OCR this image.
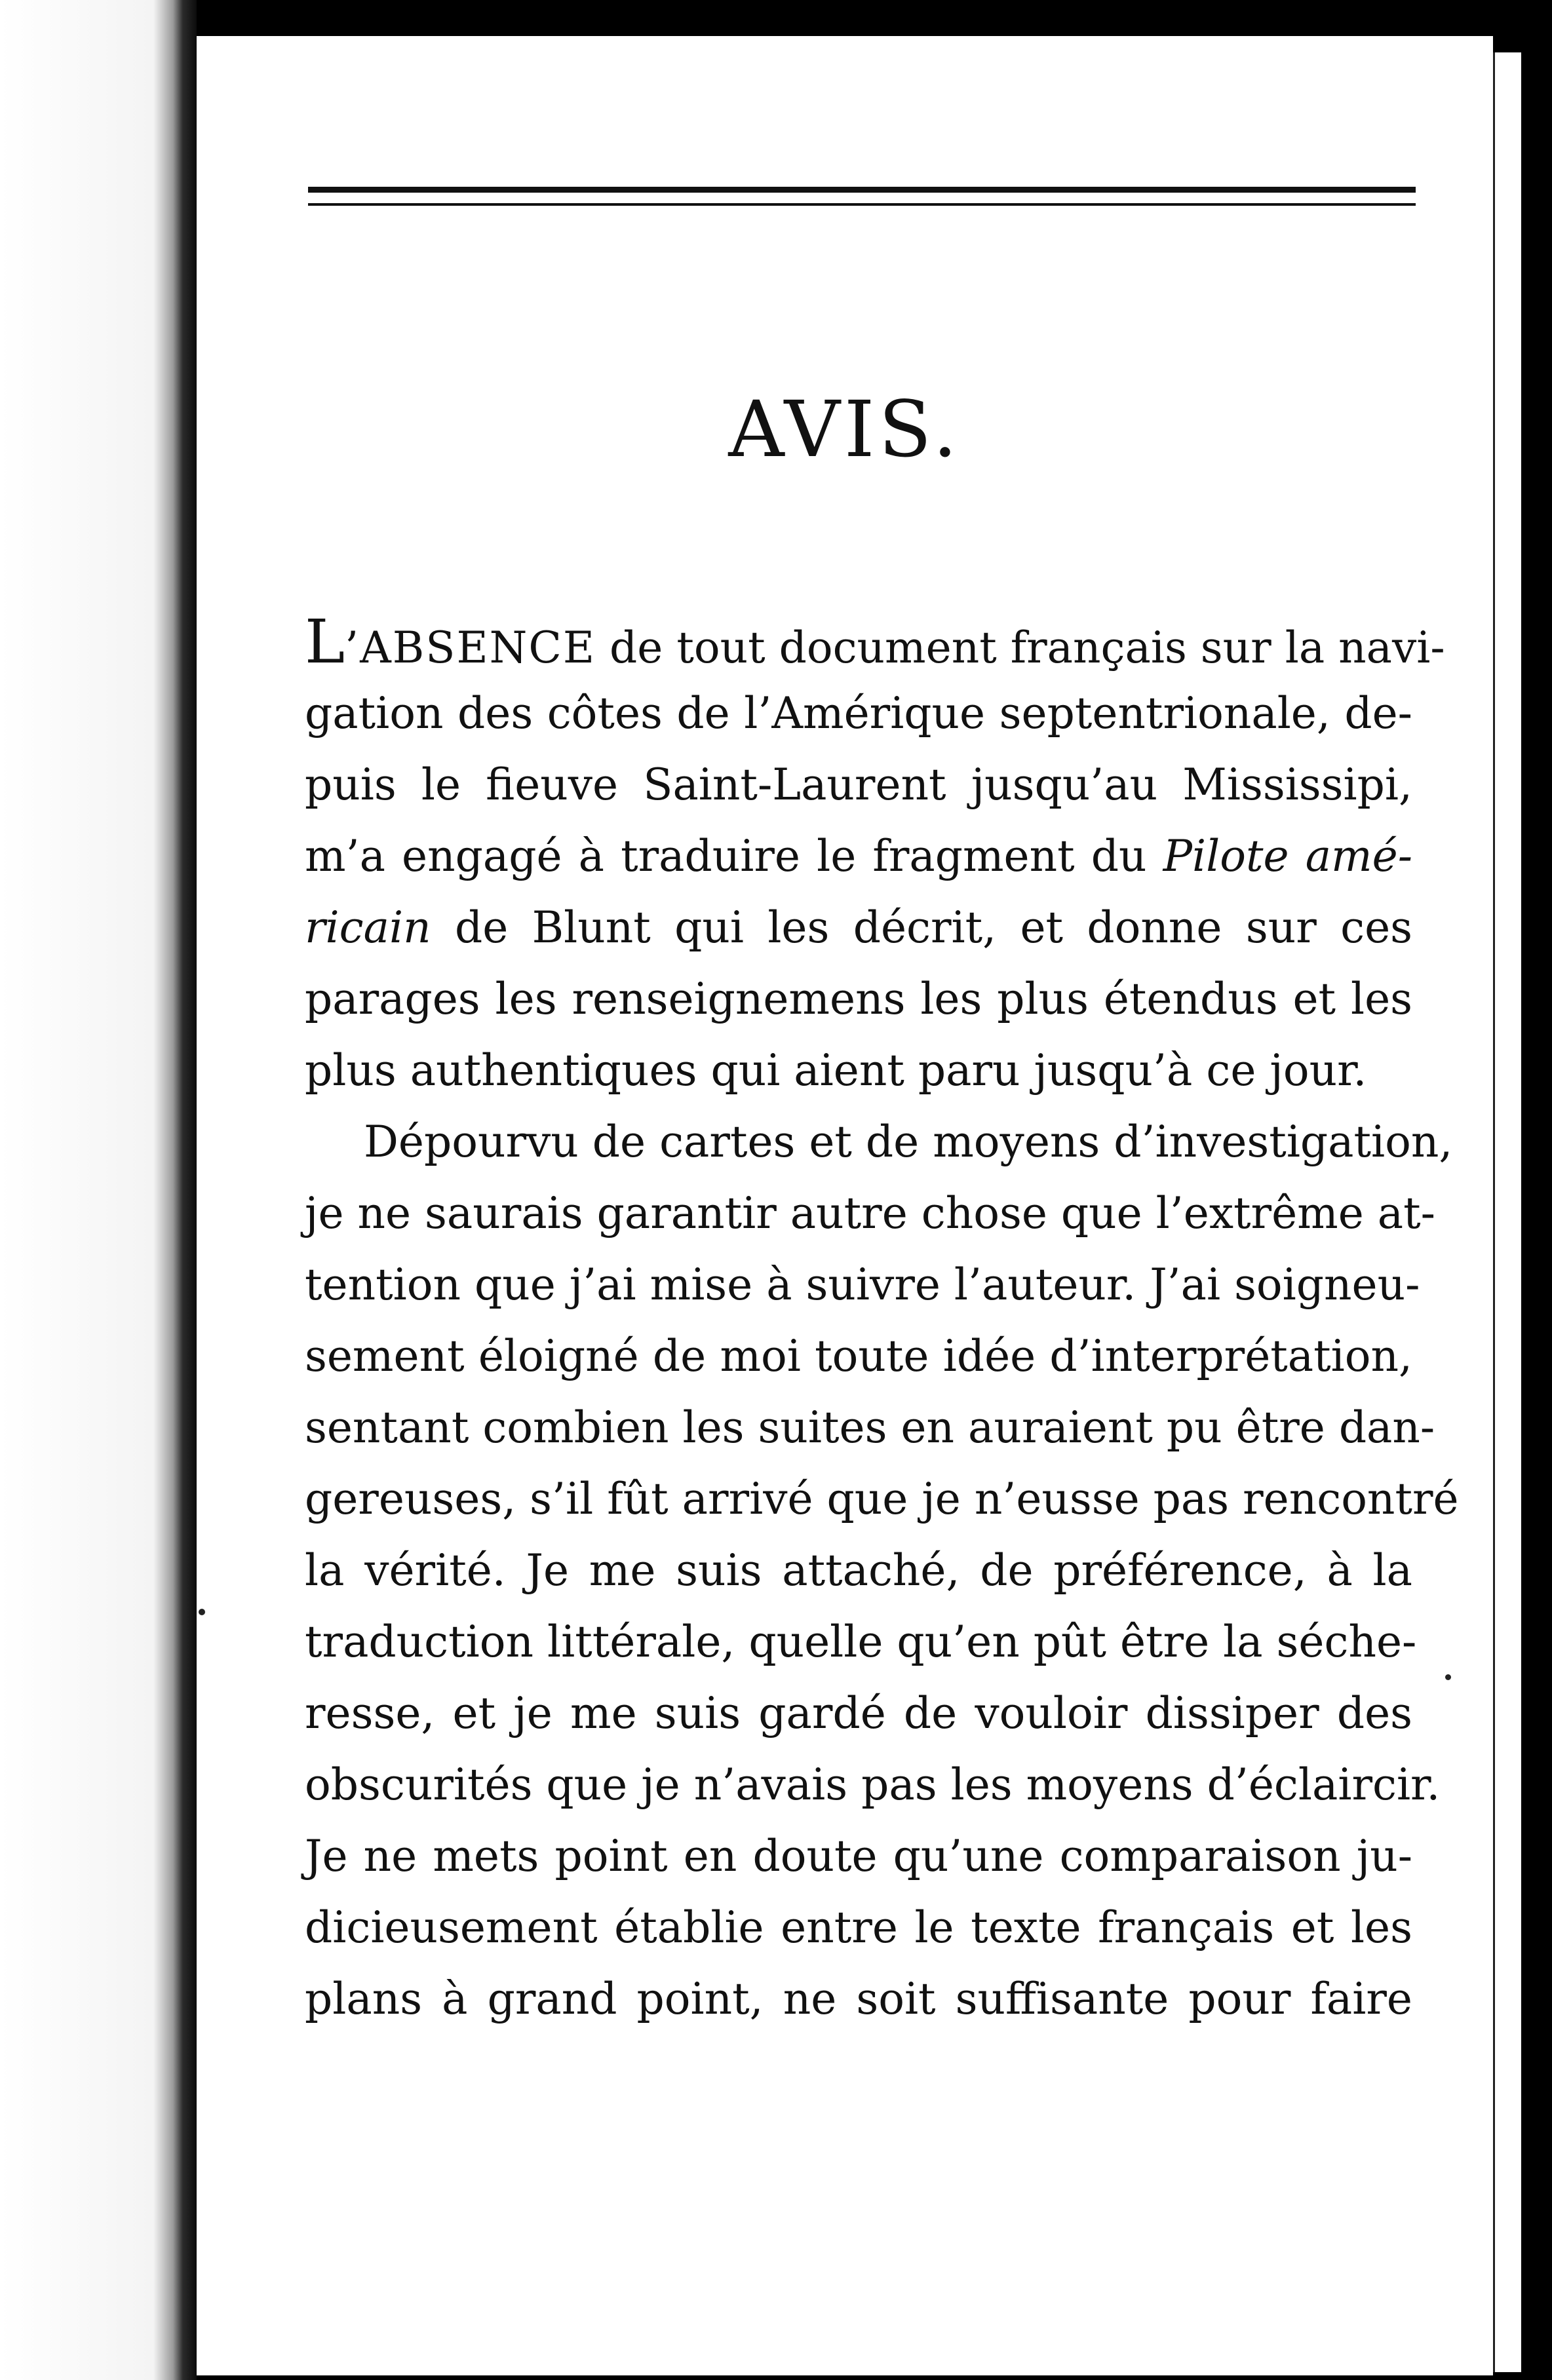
AVIS.
L’ABSENCE de tout document français sur la navi-
gation des côtes de l’Amérique septentrionale, de-
puis le fieuve Saint-Laurent jusqu’au Mississipi,
m’a engagé à traduire le fragment du Pilote amé-
ricain de Blunt qui les décrit, et donne sur ces
parages les renseignemens les plus étendus et les
plus authentiques qui aient paru jusqu’à ce jour.
Dépourvu de cartes et de moyens d’investigation,
je ne saurais garantir autre chose que l’extrême at-
tention que j’ai mise à suivre l’auteur. J’ai soigneu-
sement éloigné de moi toute idée d’interprétation,
sentant combien les suites en auraient pu être dan-
gereuses, s’il fût arrivé que je n’eusse pas rencontré
la vérité. Je me suis attaché, de préférence, à la
traduction littérale, quelle qu’en pût être la séche-
resse, et je me suis gardé de vouloir dissiper des
obscurités que je n’avais pas les moyens d’éclaircir.
Je ne mets point en doute qu’une comparaison ju-
dicieusement établie entre le texte français et les
plans à grand point, ne soit suffisante pour faire
